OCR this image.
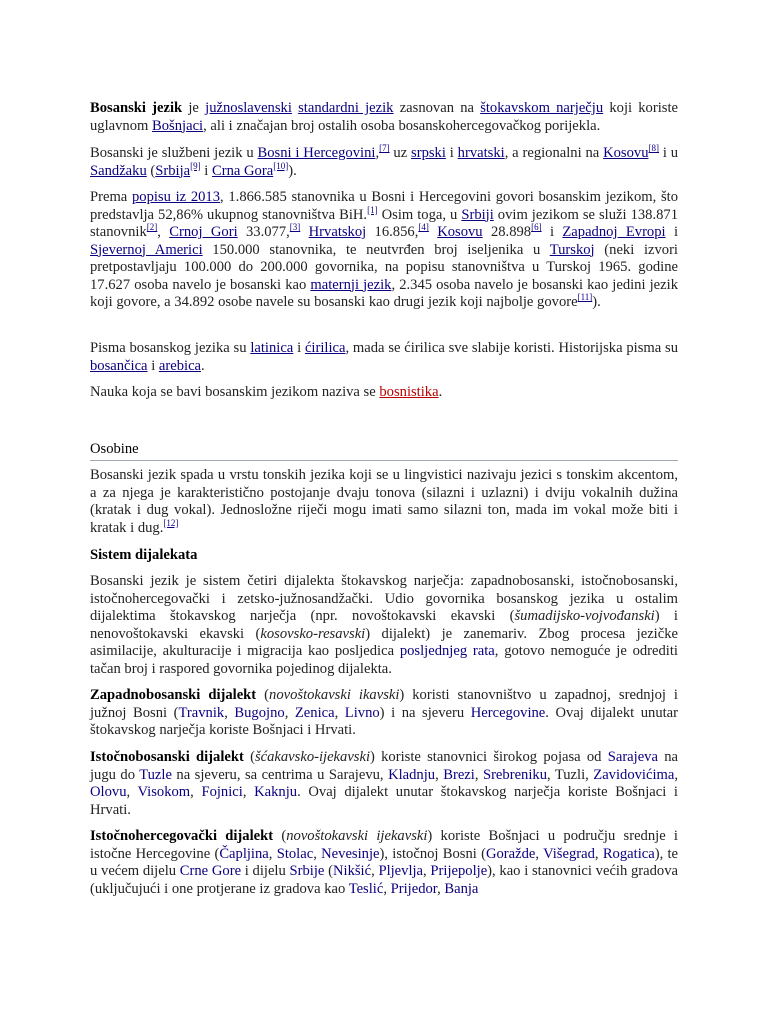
Bosanski jezik je južnoslavenski standardni jezik zasnovan na štokavskom narječju koji koriste uglavnom Bošnjaci, ali i značajan broj ostalih osoba bosanskohercegovačkog porijekla.

Bosanski je službeni jezik u Bosni i Hercegovini,[7] uz srpski i hrvatski, a regionalni na Kosovu[8] i u Sandžaku (Srbija[9] i Crna Gora[10]).

Prema popisu iz 2013, 1.866.585 stanovnika u Bosni i Hercegovini govori bosanskim jezikom, što predstavlja 52,86% ukupnog stanovništva BiH.[1] Osim toga, u Srbiji ovim jezikom se služi 138.871 stanovnik[2], Crnoj Gori 33.077,[3] Hrvatskoj 16.856,[4] Kosovu 28.898[6] i Zapadnoj Evropi i Sjevernoj Americi 150.000 stanovnika, te neutvrđen broj iseljenika u Turskoj (neki izvori pretpostavljaju 100.000 do 200.000 govornika, na popisu stanovništva u Turskoj 1965. godine 17.627 osoba navelo je bosanski kao maternji jezik, 2.345 osoba navelo je bosanski kao jedini jezik koji govore, a 34.892 osobe navele su bosanski kao drugi jezik koji najbolje govore[11]).

Pisma bosanskog jezika su latinica i ćirilica, mada se ćirilica sve slabije koristi. Historijska pisma su bosančica i arebica.

Nauka koja se bavi bosanskim jezikom naziva se bosnistika.

Osobine

Bosanski jezik spada u vrstu tonskih jezika koji se u lingvistici nazivaju jezici s tonskim akcentom, a za njega je karakteristično postojanje dvaju tonova (silazni i uzlazni) i dviju vokalnih dužina (kratak i dug vokal). Jednosložne riječi mogu imati samo silazni ton, mada im vokal može biti i kratak i dug.[12]

Sistem dijalekata

Bosanski jezik je sistem četiri dijalekta štokavskog narječja: zapadnobosanski, istočnobosanski, istočnohercegovački i zetsko-južnosandžački. Udio govornika bosanskog jezika u ostalim dijalektima štokavskog narječja (npr. novoštokavski ekavski (šumadijsko-vojvođanski) i nenovoštokavski ekavski (kosovsko-resavski) dijalekt) je zanemariv. Zbog procesa jezičke asimilacije, akulturacije i migracija kao posljedica posljednjeg rata, gotovo nemoguće je odrediti tačan broj i raspored govornika pojedinog dijalekta.

Zapadnobosanski dijalekt (novoštokavski ikavski) koristi stanovništvo u zapadnoj, srednjoj i južnoj Bosni (Travnik, Bugojno, Zenica, Livno) i na sjeveru Hercegovine. Ovaj dijalekt unutar štokavskog narječja koriste Bošnjaci i Hrvati.

Istočnobosanski dijalekt (šćakavsko-ijekavski) koriste stanovnici širokog pojasa od Sarajeva na jugu do Tuzle na sjeveru, sa centrima u Sarajevu, Kladnju, Brezi, Srebreniku, Tuzli, Zavidovićima, Olovu, Visokom, Fojnici, Kaknju. Ovaj dijalekt unutar štokavskog narječja koriste Bošnjaci i Hrvati.

Istočnohercegovački dijalekt (novoštokavski ijekavski) koriste Bošnjaci u području srednje i istočne Hercegovine (Čapljina, Stolac, Nevesinje), istočnoj Bosni (Goražde, Višegrad, Rogatica), te u većem dijelu Crne Gore i dijelu Srbije (Nikšić, Pljevlja, Prijepolje), kao i stanovnici većih gradova (uključujući i one protjerane iz gradova kao Teslić, Prijedor, Banja
